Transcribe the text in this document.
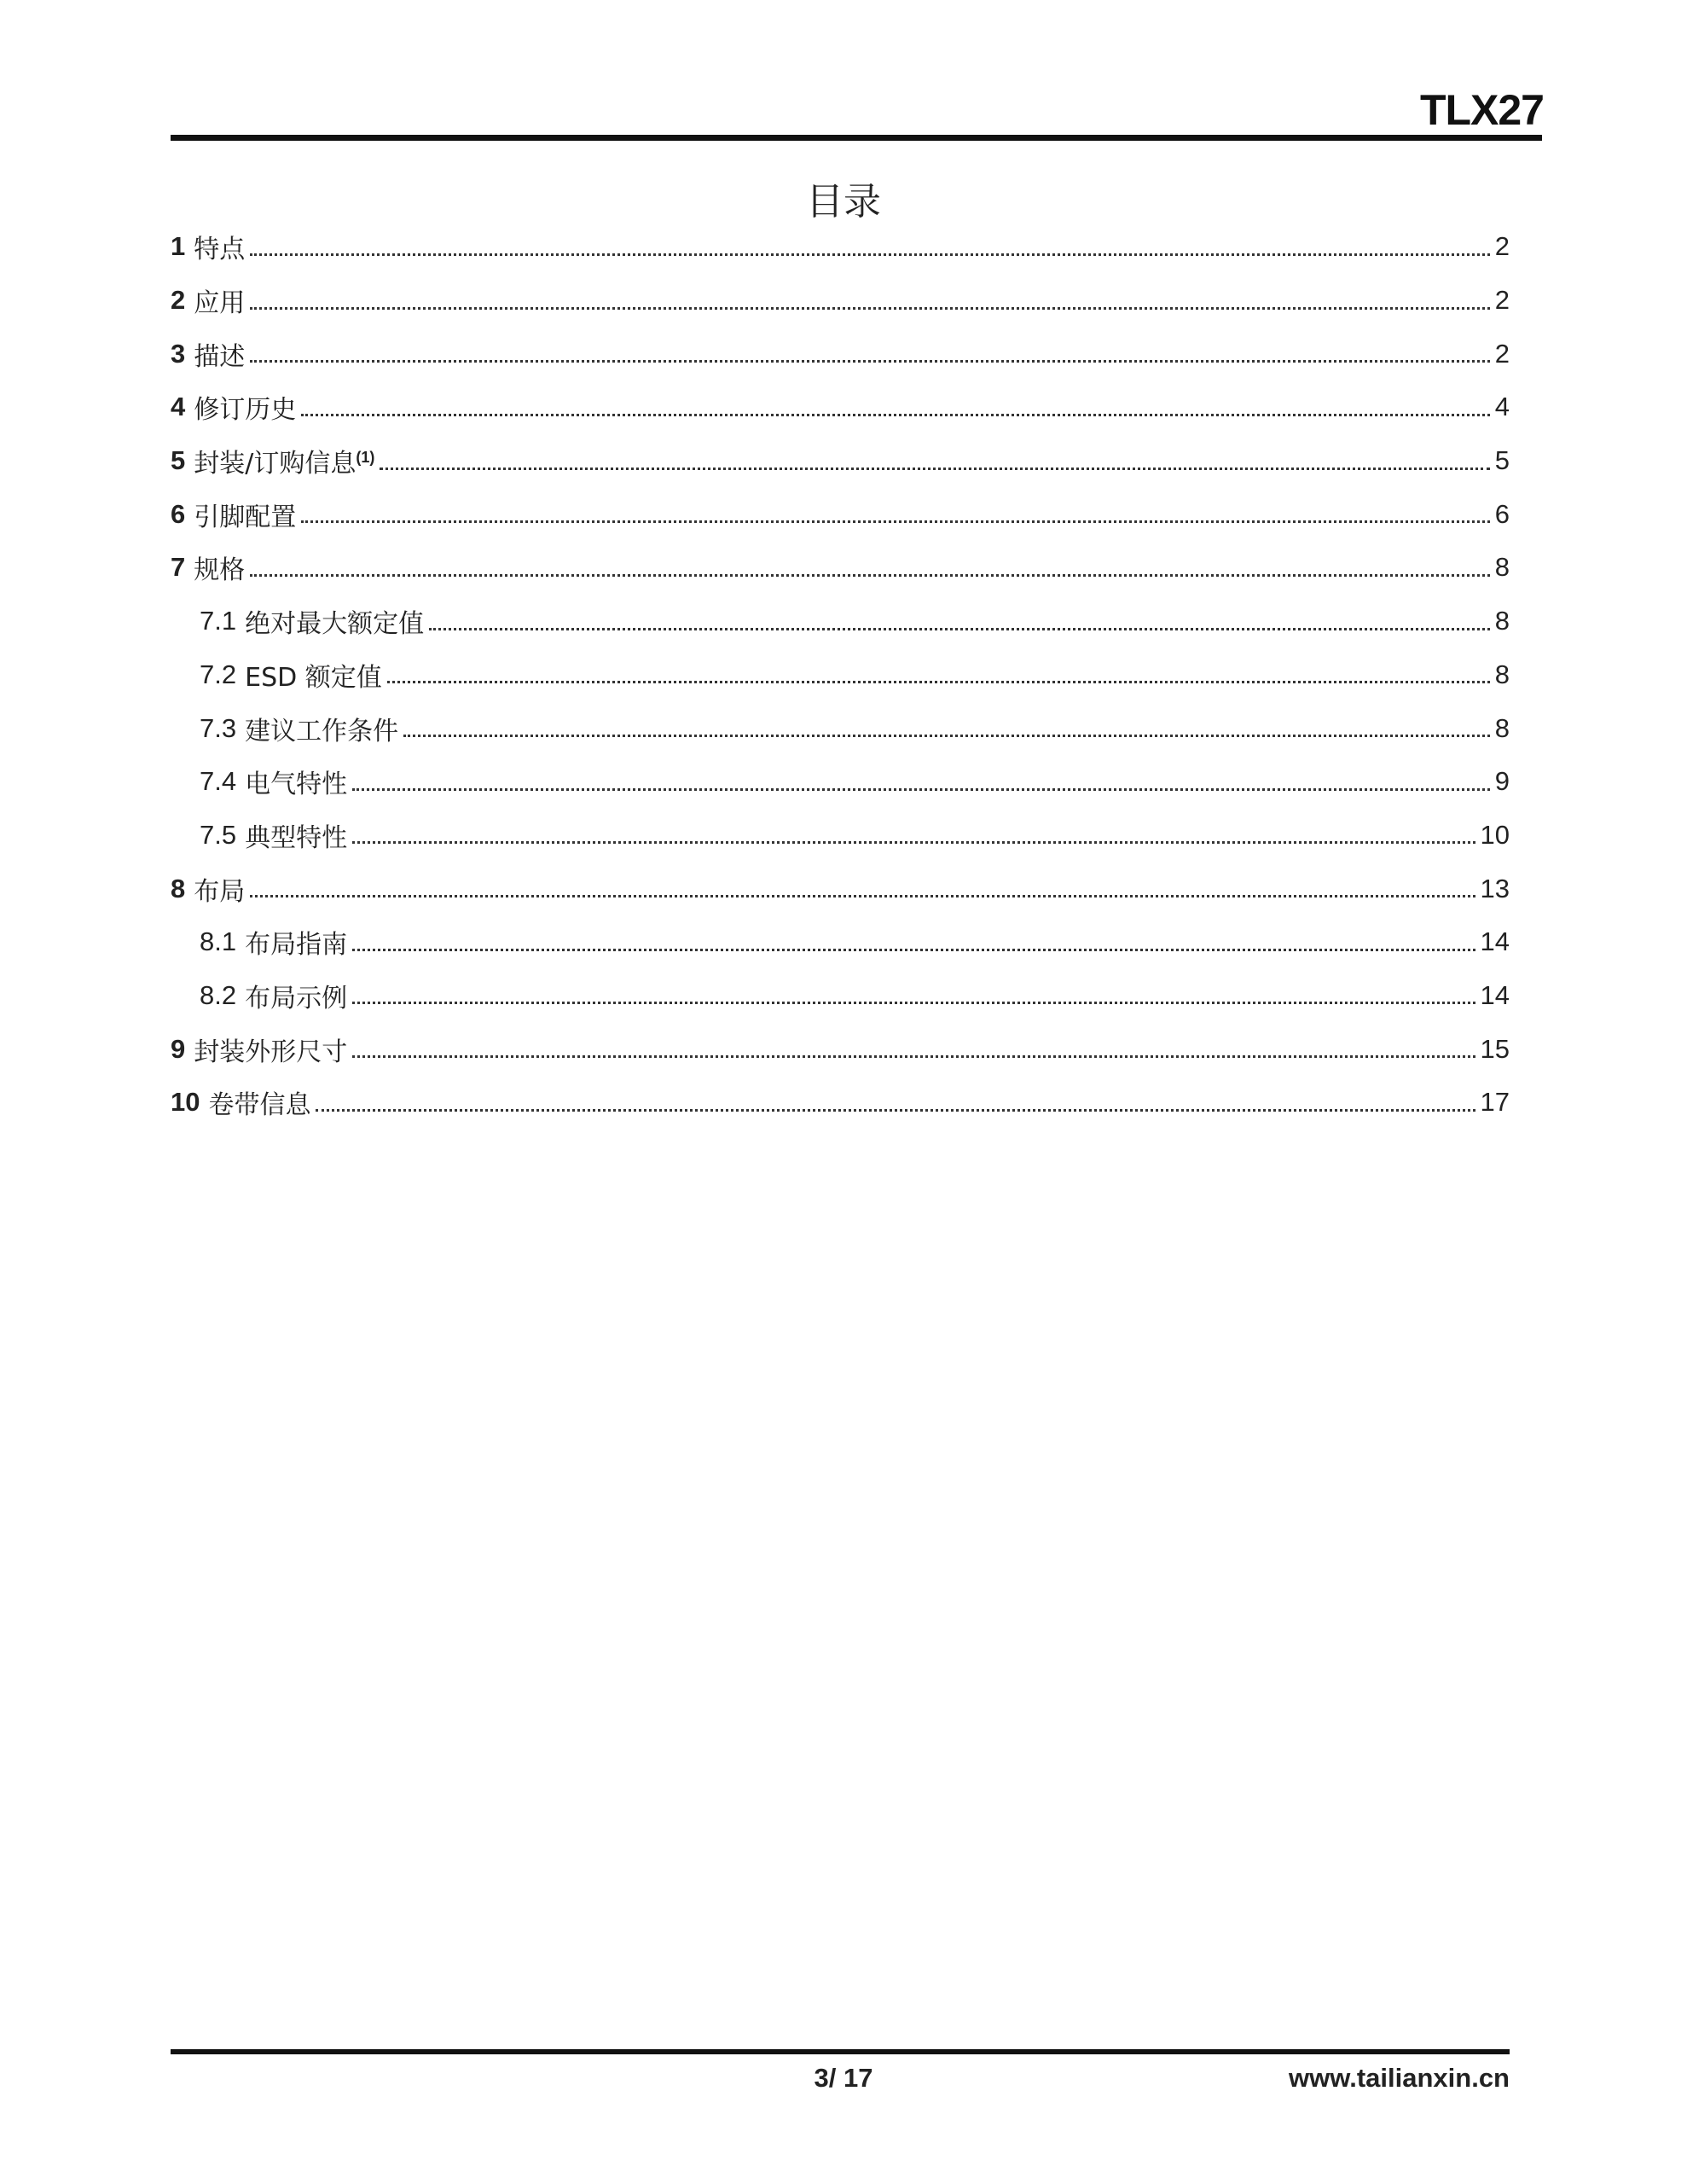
TLX27
目录
1 特点	2
2 应用	2
3 描述	2
4 修订历史	4
5 封装/订购信息 (1)	5
6 引脚配置	6
7 规格	8
7.1 绝对最大额定值	8
7.2 ESD 额定值	8
7.3 建议工作条件	8
7.4 电气特性	9
7.5 典型特性	10
8 布局	13
8.1 布局指南	14
8.2 布局示例	14
9 封装外形尺寸	15
10 卷带信息	17
3/ 17	www.tailianxin.cn
